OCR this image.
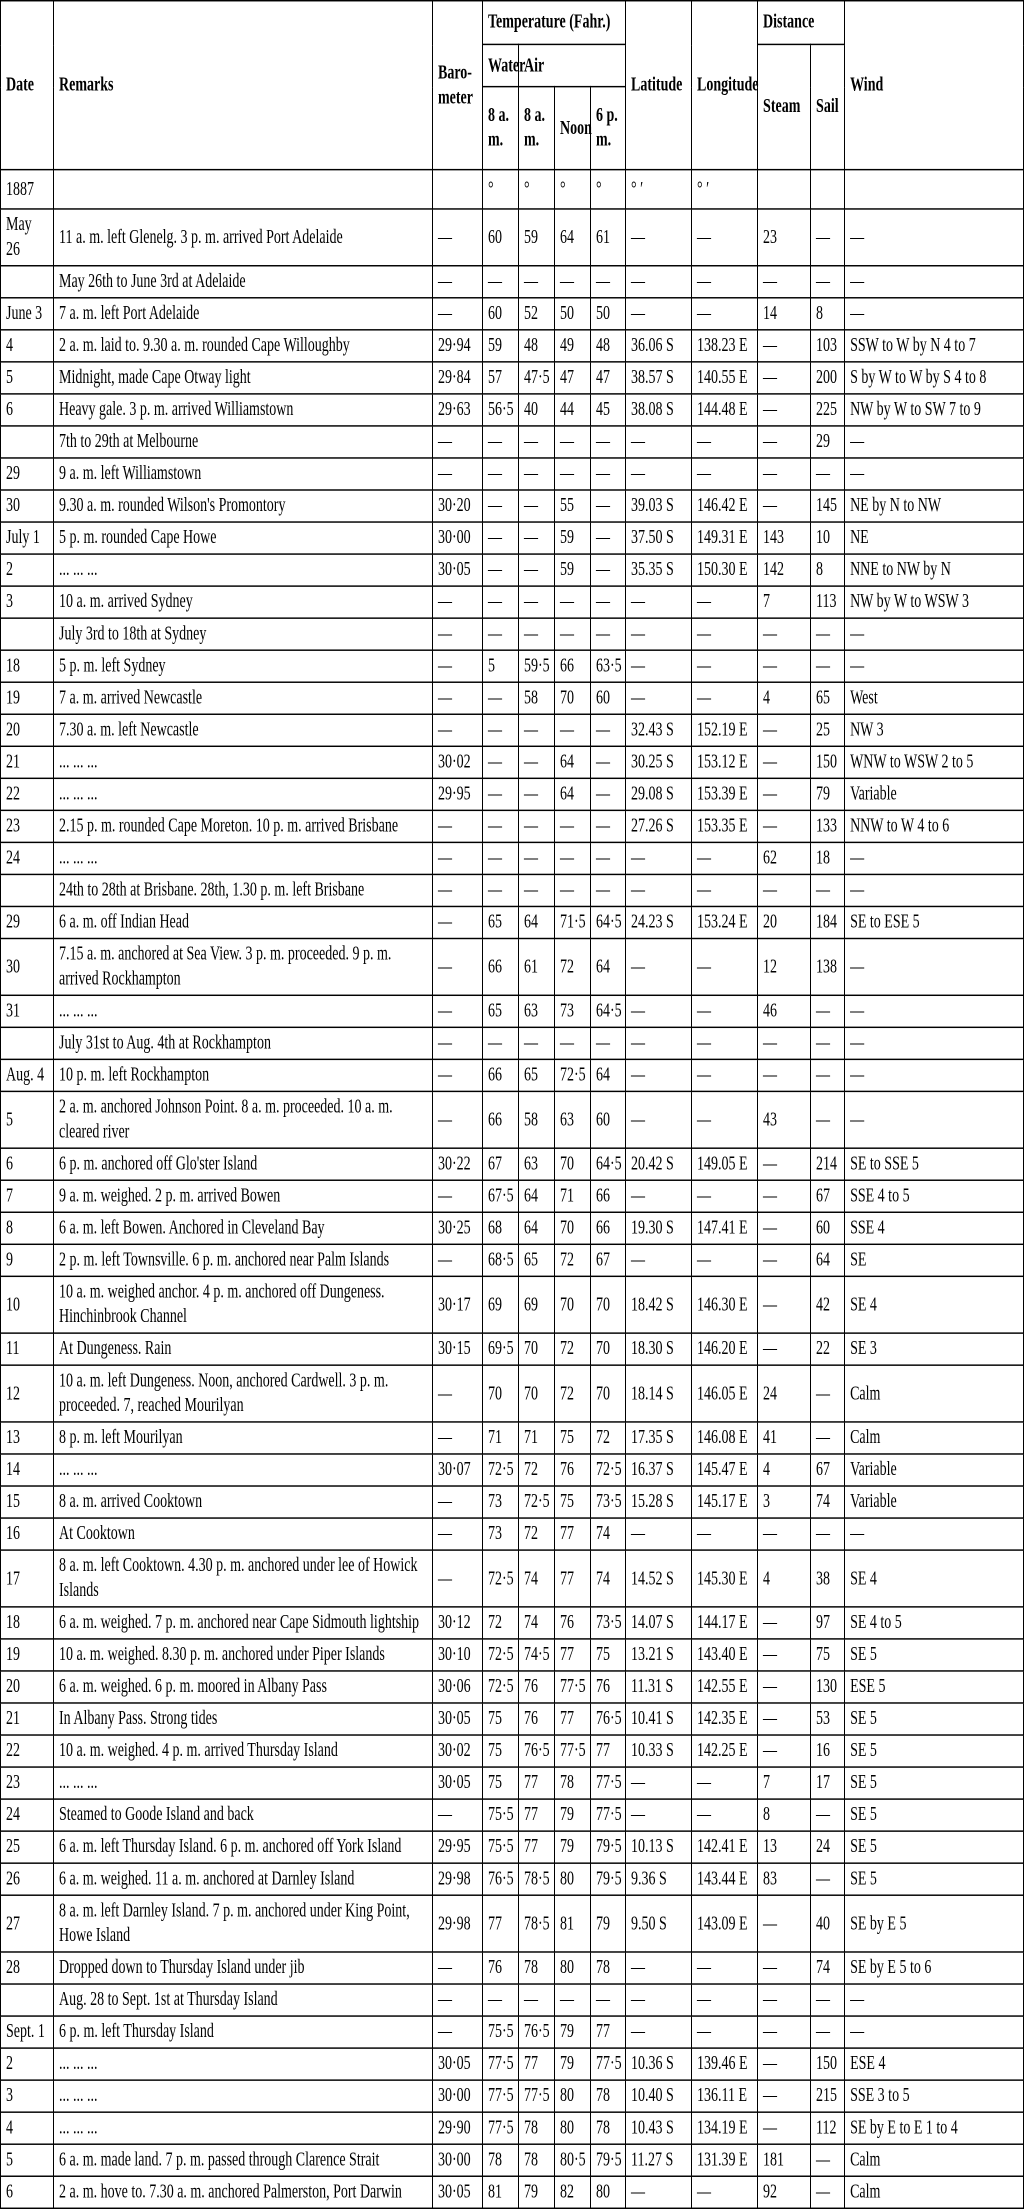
Date	Remarks	Baro-meter	Temperature (Fahr.)				Latitude	Longitude	Distance		Wind
			Water	Air					Steam	Sail	
			8 a. m.	8 a. m.	Noon	6 p. m.					
1887			°	°	°	°	° ′	° ′			
May 26	11 a. m. left Glenelg. 3 p. m. arrived Port Adelaide	—	60	59	64	61	—	—	23	—	—
	May 26th to June 3rd at Adelaide	—	—	—	—	—	—	—	—	—	—
June 3	7 a. m. left Port Adelaide	—	60	52	50	50	—	—	14	8	—
4	2 a. m. laid to. 9.30 a. m. rounded Cape Willoughby	29·94	59	48	49	48	36.06 S	138.23 E	—	103	SSW to W by N 4 to 7
5	Midnight, made Cape Otway light	29·84	57	47·5	47	47	38.57 S	140.55 E	—	200	S by W to W by S 4 to 8
6	Heavy gale. 3 p. m. arrived Williamstown	29·63	56·5	40	44	45	38.08 S	144.48 E	—	225	NW by W to SW 7 to 9
	7th to 29th at Melbourne	—	—	—	—	—	—	—	—	29	—
29	9 a. m. left Williamstown	—	—	—	—	—	—	—	—	—	—
30	9.30 a. m. rounded Wilson's Promontory	30·20	—	—	55	—	39.03 S	146.42 E	—	145	NE by N to NW
July 1	5 p. m. rounded Cape Howe	30·00	—	—	59	—	37.50 S	149.31 E	143	10	NE
2	... ... ...	30·05	—	—	59	—	35.35 S	150.30 E	142	8	NNE to NW by N
3	10 a. m. arrived Sydney	—	—	—	—	—	—	—	7	113	NW by W to WSW 3
	July 3rd to 18th at Sydney	—	—	—	—	—	—	—	—	—	—
18	5 p. m. left Sydney	—	5	59·5	66	63·5	—	—	—	—	—
19	7 a. m. arrived Newcastle	—	—	58	70	60	—	—	4	65	West
20	7.30 a. m. left Newcastle	—	—	—	—	—	32.43 S	152.19 E	—	25	NW 3
21	... ... ...	30·02	—	—	64	—	30.25 S	153.12 E	—	150	WNW to WSW 2 to 5
22	... ... ...	29·95	—	—	64	—	29.08 S	153.39 E	—	79	Variable
23	2.15 p. m. rounded Cape Moreton. 10 p. m. arrived Brisbane	—	—	—	—	—	27.26 S	153.35 E	—	133	NNW to W 4 to 6
24	... ... ...	—	—	—	—	—	—	—	62	18	—
	24th to 28th at Brisbane. 28th, 1.30 p. m. left Brisbane	—	—	—	—	—	—	—	—	—	—
29	6 a. m. off Indian Head	—	65	64	71·5	64·5	24.23 S	153.24 E	20	184	SE to ESE 5
30	7.15 a. m. anchored at Sea View. 3 p. m. proceeded. 9 p. m. arrived Rockhampton	—	66	61	72	64	—	—	12	138	—
31	... ... ...	—	65	63	73	64·5	—	—	46	—	—
	July 31st to Aug. 4th at Rockhampton	—	—	—	—	—	—	—	—	—	—
Aug. 4	10 p. m. left Rockhampton	—	66	65	72·5	64	—	—	—	—	—
5	2 a. m. anchored Johnson Point. 8 a. m. proceeded. 10 a. m. cleared river	—	66	58	63	60	—	—	43	—	—
6	6 p. m. anchored off Glo'ster Island	30·22	67	63	70	64·5	20.42 S	149.05 E	—	214	SE to SSE 5
7	9 a. m. weighed. 2 p. m. arrived Bowen	—	67·5	64	71	66	—	—	—	67	SSE 4 to 5
8	6 a. m. left Bowen. Anchored in Cleveland Bay	30·25	68	64	70	66	19.30 S	147.41 E	—	60	SSE 4
9	2 p. m. left Townsville. 6 p. m. anchored near Palm Islands	—	68·5	65	72	67	—	—	—	64	SE
10	10 a. m. weighed anchor. 4 p. m. anchored off Dungeness. Hinchinbrook Channel	30·17	69	69	70	70	18.42 S	146.30 E	—	42	SE 4
11	At Dungeness. Rain	30·15	69·5	70	72	70	18.30 S	146.20 E	—	22	SE 3
12	10 a. m. left Dungeness. Noon, anchored Cardwell. 3 p. m. proceeded. 7, reached Mourilyan	—	70	70	72	70	18.14 S	146.05 E	24	—	Calm
13	8 p. m. left Mourilyan	—	71	71	75	72	17.35 S	146.08 E	41	—	Calm
14	... ... ...	30·07	72·5	72	76	72·5	16.37 S	145.47 E	4	67	Variable
15	8 a. m. arrived Cooktown	—	73	72·5	75	73·5	15.28 S	145.17 E	3	74	Variable
16	At Cooktown	—	73	72	77	74	—	—	—	—	—
17	8 a. m. left Cooktown. 4.30 p. m. anchored under lee of Howick Islands	—	72·5	74	77	74	14.52 S	145.30 E	4	38	SE 4
18	6 a. m. weighed. 7 p. m. anchored near Cape Sidmouth lightship	30·12	72	74	76	73·5	14.07 S	144.17 E	—	97	SE 4 to 5
19	10 a. m. weighed. 8.30 p. m. anchored under Piper Islands	30·10	72·5	74·5	77	75	13.21 S	143.40 E	—	75	SE 5
20	6 a. m. weighed. 6 p. m. moored in Albany Pass	30·06	72·5	76	77·5	76	11.31 S	142.55 E	—	130	ESE 5
21	In Albany Pass. Strong tides	30·05	75	76	77	76·5	10.41 S	142.35 E	—	53	SE 5
22	10 a. m. weighed. 4 p. m. arrived Thursday Island	30·02	75	76·5	77·5	77	10.33 S	142.25 E	—	16	SE 5
23	... ... ...	30·05	75	77	78	77·5	—	—	7	17	SE 5
24	Steamed to Goode Island and back	—	75·5	77	79	77·5	—	—	8	—	SE 5
25	6 a. m. left Thursday Island. 6 p. m. anchored off York Island	29·95	75·5	77	79	79·5	10.13 S	142.41 E	13	24	SE 5
26	6 a. m. weighed. 11 a. m. anchored at Darnley Island	29·98	76·5	78·5	80	79·5	9.36 S	143.44 E	83	—	SE 5
27	8 a. m. left Darnley Island. 7 p. m. anchored under King Point, Howe Island	29·98	77	78·5	81	79	9.50 S	143.09 E	—	40	SE by E 5
28	Dropped down to Thursday Island under jib	—	76	78	80	78	—	—	—	74	SE by E 5 to 6
	Aug. 28 to Sept. 1st at Thursday Island	—	—	—	—	—	—	—	—	—	—
Sept. 1	6 p. m. left Thursday Island	—	75·5	76·5	79	77	—	—	—	—	—
2	... ... ...	30·05	77·5	77	79	77·5	10.36 S	139.46 E	—	150	ESE 4
3	... ... ...	30·00	77·5	77·5	80	78	10.40 S	136.11 E	—	215	SSE 3 to 5
4	... ... ...	29·90	77·5	78	80	78	10.43 S	134.19 E	—	112	SE by E to E 1 to 4
5	6 a. m. made land. 7 p. m. passed through Clarence Strait	30·00	78	78	80·5	79·5	11.27 S	131.39 E	181	—	Calm
6	2 a. m. hove to. 7.30 a. m. anchored Palmerston, Port Darwin	30·05	81	79	82	80	—	—	92	—	Calm
